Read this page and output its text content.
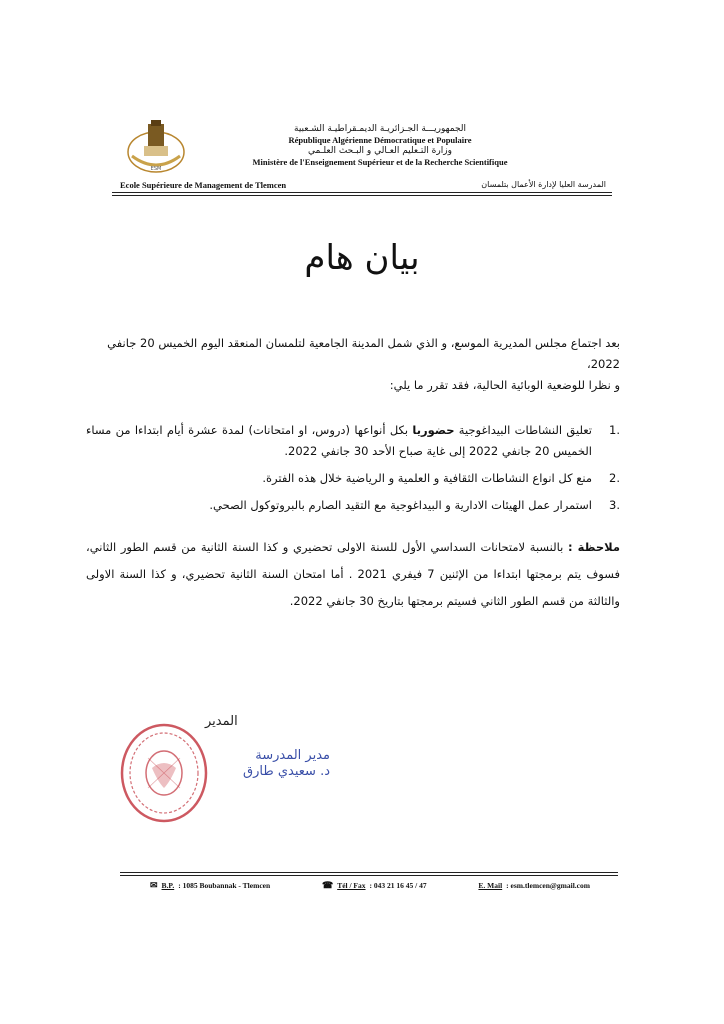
ESM
الجمهوريـــة الجـزائريـة الديمـقراطيـة الشـعبية
République Algérienne Démocratique et Populaire
وزارة التـعليم العـالي و البـحث العلـمي
Ministère de l'Enseignement Supérieur et de la Recherche Scientifique
Ecole Supérieure de Management de Tlemcen	المدرسة العليا لإدارة الأعمال بتلمسان
بيان هام

بعد اجتماع مجلس المديرية الموسع، و الذي شمل المدينة الجامعية لتلمسان المنعقد اليوم الخميس 20 جانفي 2022،

و نظرا للوضعية الوبائية الحالية، فقد تقرر ما يلي:

.1
تعليق النشاطات البيداغوجية حضوريا بكل أنواعها (دروس، او امتحانات) لمدة عشرة أيام ابتداءا من مساء الخميس 20 جانفي 2022 إلى غاية صباح الأحد 30 جانفي 2022.
.2
منع كل انواع النشاطات الثقافية و العلمية و الرياضية خلال هذه الفترة.
.3
استمرار عمل الهيئات الادارية و البيداغوجية مع التقيد الصارم بالبروتوكول الصحي.

ملاحظة : بالنسبة لامتحانات السداسي الأول للسنة الاولى تحضيري و كذا السنة الثانية من قسم الطور الثاني، فسوف يتم برمجتها ابتداءا من الإثنين 7 فيفري 2021 . أما امتحان السنة الثانية تحضيري، و كذا السنة الاولى والثالثة من قسم الطور الثاني فسيتم برمجتها بتاريخ 30 جانفي 2022.

المدير
مدير المدرسة
د. سعيدي طارق
✉ B.P. : 1085 Boubannak - Tlemcen	☎ Tél / Fax : 043 21 16 45 / 47	E. Mail : esm.tlemcen@gmail.com
